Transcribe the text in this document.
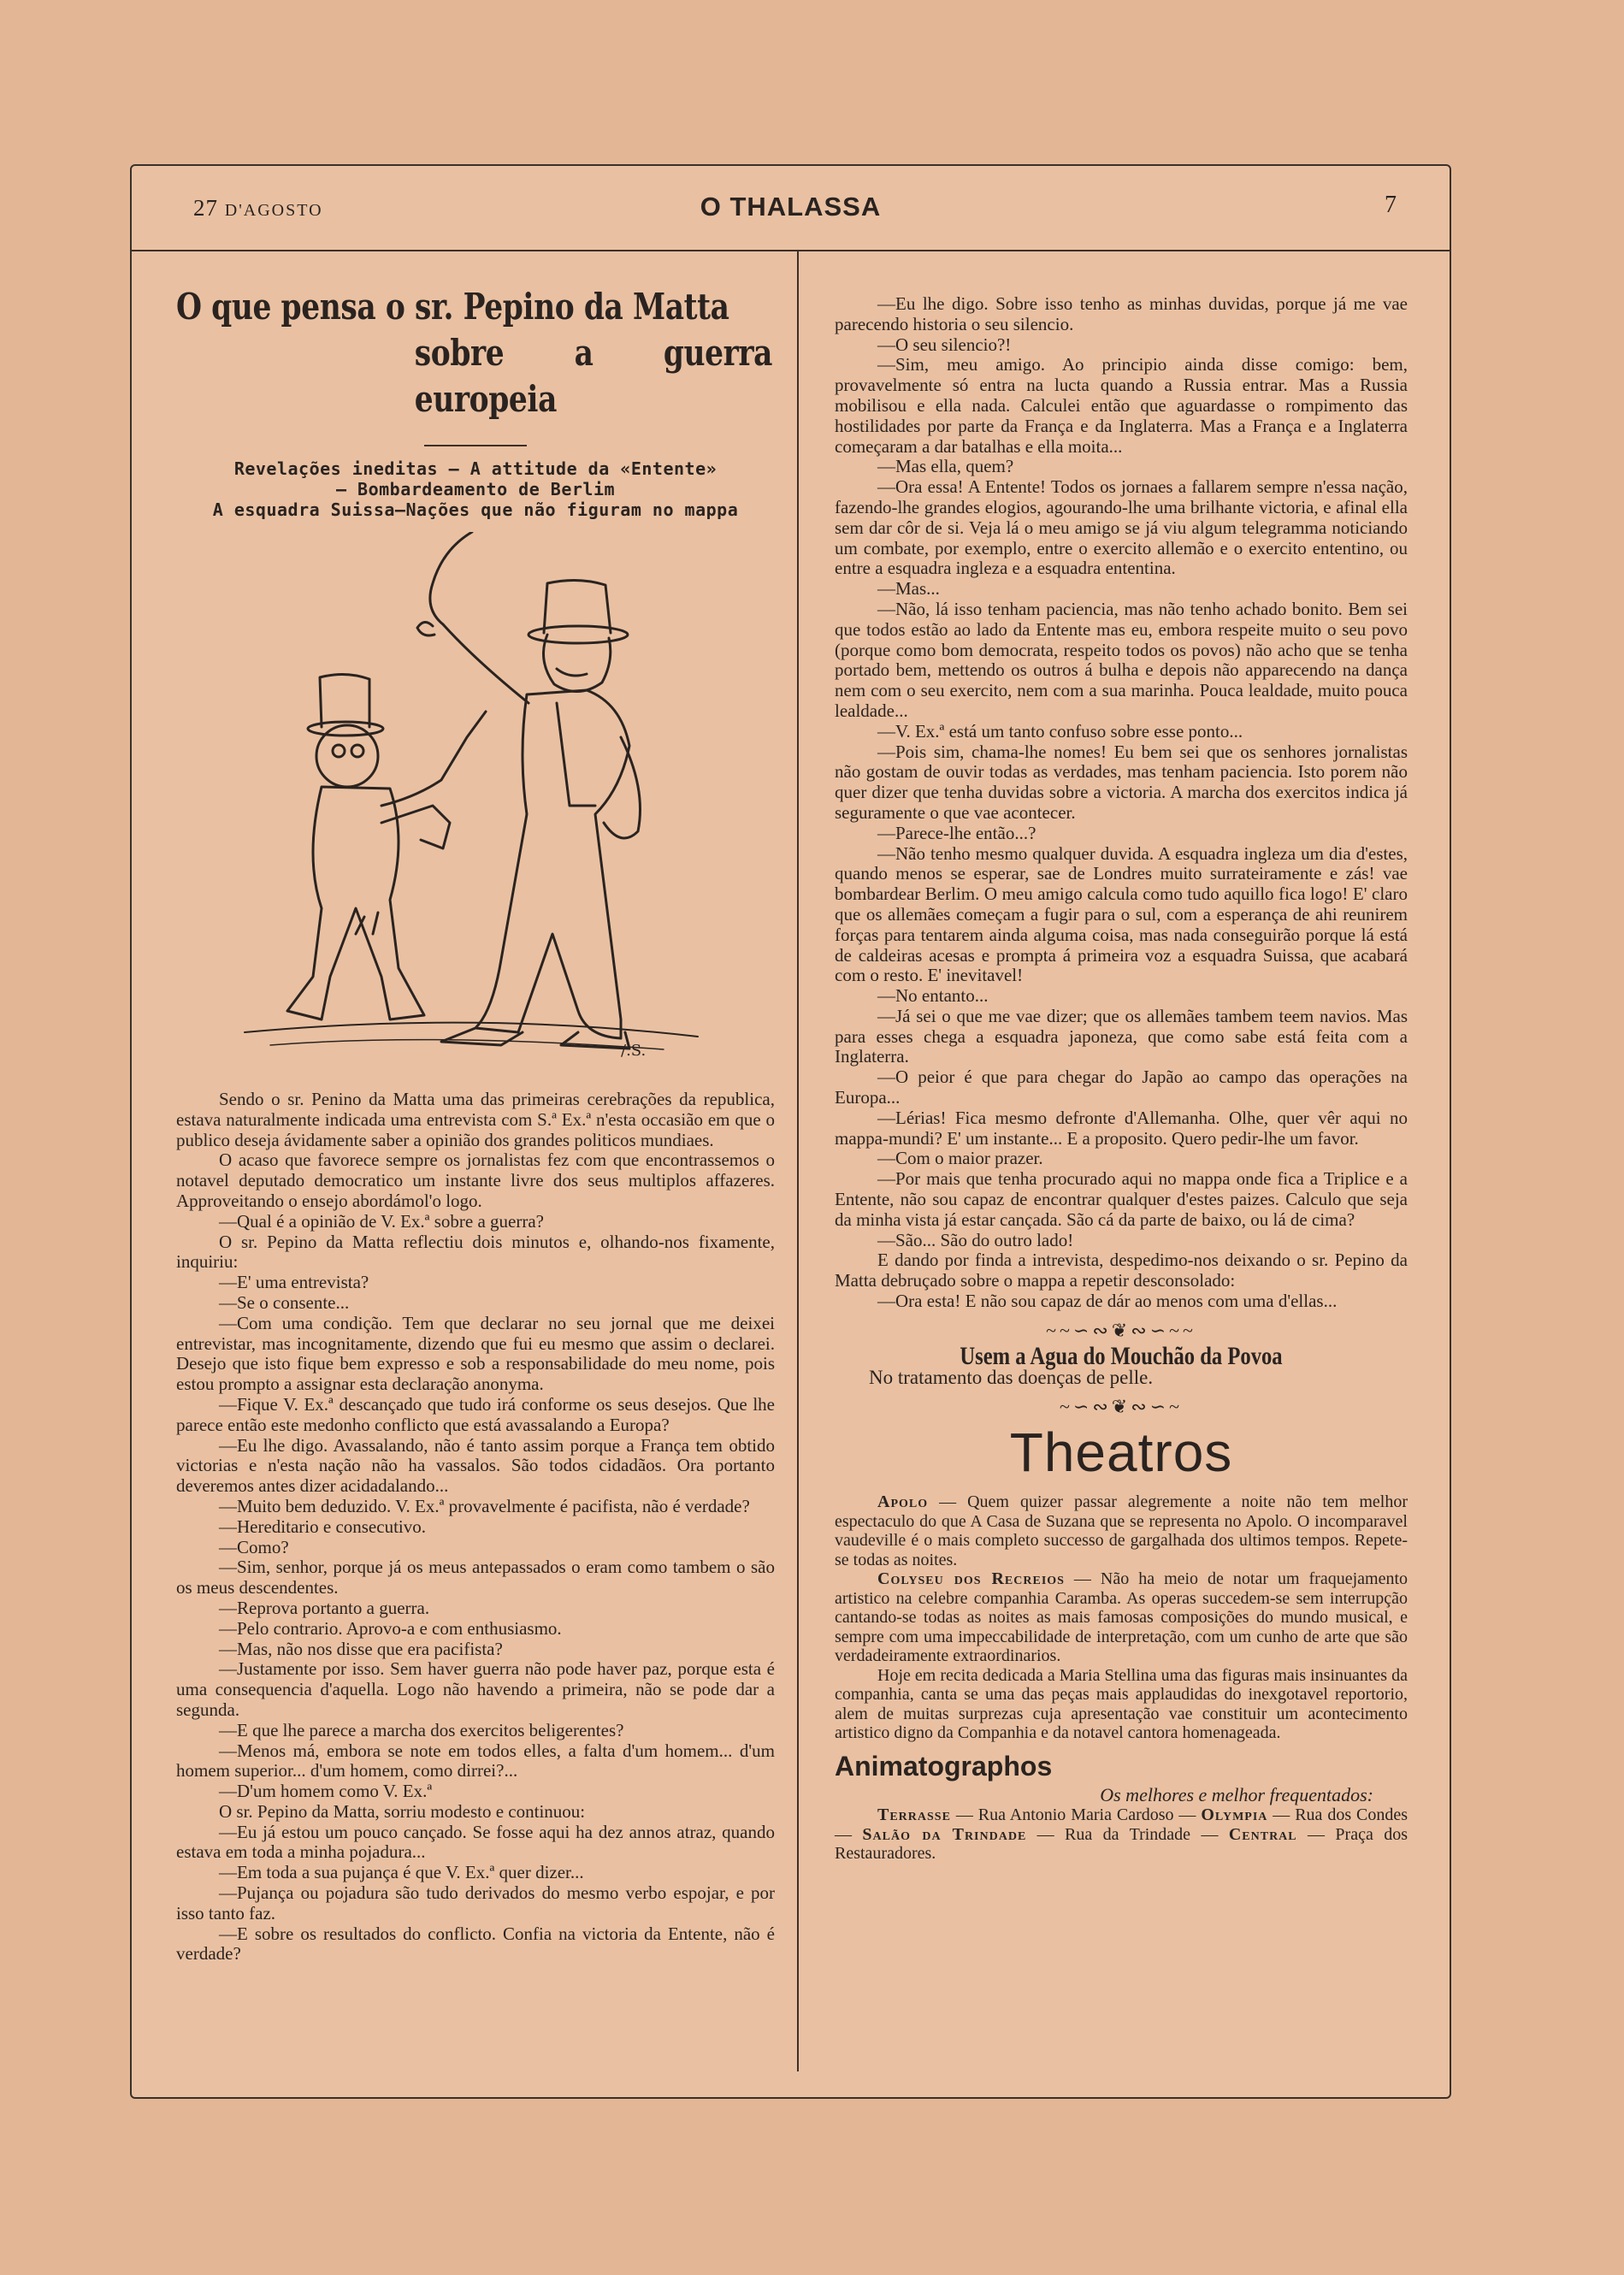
27 D'AGOSTO	O THALASSA	7
O que pensa o sr. Pepino da Matta
sobre a guerra europeia
Revelações ineditas — A attitude da «Entente»
— Bombardeamento de Berlim
A esquadra Suissa—Nações que não figuram no mappa
/.S.

Sendo o sr. Penino da Matta uma das primeiras cerebrações da republica, estava naturalmente indicada uma entrevista com S.ª Ex.ª n'esta occasião em que o publico deseja ávidamente saber a opinião dos grandes politicos mundiaes.

O acaso que favorece sempre os jornalistas fez com que encontrassemos o notavel deputado democratico um instante livre dos seus multiplos affazeres. Approveitando o ensejo abordámol'o logo.

—Qual é a opinião de V. Ex.ª sobre a guerra?

O sr. Pepino da Matta reflectiu dois minutos e, olhando-nos fixamente, inquiriu:

—E' uma entrevista?

—Se o consente...

—Com uma condição. Tem que declarar no seu jornal que me deixei entrevistar, mas incognitamente, dizendo que fui eu mesmo que assim o declarei. Desejo que isto fique bem expresso e sob a responsabilidade do meu nome, pois estou prompto a assignar esta declaração anonyma.

—Fique V. Ex.ª descançado que tudo irá conforme os seus desejos. Que lhe parece então este medonho conflicto que está avassalando a Europa?

—Eu lhe digo. Avassalando, não é tanto assim porque a França tem obtido victorias e n'esta nação não ha vassalos. São todos cidadãos. Ora portanto deveremos antes dizer acidadalando...

—Muito bem deduzido. V. Ex.ª provavelmente é pacifista, não é verdade?

—Hereditario e consecutivo.

—Como?

—Sim, senhor, porque já os meus antepassados o eram como tambem o são os meus descendentes.

—Reprova portanto a guerra.

—Pelo contrario. Aprovo-a e com enthusiasmo.

—Mas, não nos disse que era pacifista?

—Justamente por isso. Sem haver guerra não pode haver paz, porque esta é uma consequencia d'aquella. Logo não havendo a primeira, não se pode dar a segunda.

—E que lhe parece a marcha dos exercitos beligerentes?

—Menos má, embora se note em todos elles, a falta d'um homem... d'um homem superior... d'um homem, como dirrei?...

—D'um homem como V. Ex.ª

O sr. Pepino da Matta, sorriu modesto e continuou:

—Eu já estou um pouco cançado. Se fosse aqui ha dez annos atraz, quando estava em toda a minha pojadura...

—Em toda a sua pujança é que V. Ex.ª quer dizer...

—Pujança ou pojadura são tudo derivados do mesmo verbo espojar, e por isso tanto faz.

—E sobre os resultados do conflicto. Confia na victoria da Entente, não é verdade?

—Eu lhe digo. Sobre isso tenho as minhas duvidas, porque já me vae parecendo historia o seu silencio.

—O seu silencio?!

—Sim, meu amigo. Ao principio ainda disse comigo: bem, provavelmente só entra na lucta quando a Russia entrar. Mas a Russia mobilisou e ella nada. Calculei então que aguardasse o rompimento das hostilidades por parte da França e da Inglaterra. Mas a França e a Inglaterra começaram a dar batalhas e ella moita...

—Mas ella, quem?

—Ora essa! A Entente! Todos os jornaes a fallarem sempre n'essa nação, fazendo-lhe grandes elogios, agourando-lhe uma brilhante victoria, e afinal ella sem dar côr de si. Veja lá o meu amigo se já viu algum telegramma noticiando um combate, por exemplo, entre o exercito allemão e o exercito ententino, ou entre a esquadra ingleza e a esquadra ententina.

—Mas...

—Não, lá isso tenham paciencia, mas não tenho achado bonito. Bem sei que todos estão ao lado da Entente mas eu, embora respeite muito o seu povo (porque como bom democrata, respeito todos os povos) não acho que se tenha portado bem, mettendo os outros á bulha e depois não apparecendo na dança nem com o seu exercito, nem com a sua marinha. Pouca lealdade, muito pouca lealdade...

—V. Ex.ª está um tanto confuso sobre esse ponto...

—Pois sim, chama-lhe nomes! Eu bem sei que os senhores jornalistas não gostam de ouvir todas as verdades, mas tenham paciencia. Isto porem não quer dizer que tenha duvidas sobre a victoria. A marcha dos exercitos indica já seguramente o que vae acontecer.

—Parece-lhe então...?

—Não tenho mesmo qualquer duvida. A esquadra ingleza um dia d'estes, quando menos se esperar, sae de Londres muito surrateiramente e zás! vae bombardear Berlim. O meu amigo calcula como tudo aquillo fica logo! E' claro que os allemães começam a fugir para o sul, com a esperança de ahi reunirem forças para tentarem ainda alguma coisa, mas nada conseguirão porque lá está de caldeiras acesas e prompta á primeira voz a esquadra Suissa, que acabará com o resto. E' inevitavel!

—No entanto...

—Já sei o que me vae dizer; que os allemães tambem teem navios. Mas para esses chega a esquadra japoneza, que como sabe está feita com a Inglaterra.

—O peior é que para chegar do Japão ao campo das operações na Europa...

—Lérias! Fica mesmo defronte d'Allemanha. Olhe, quer vêr aqui no mappa-mundi? E' um instante... E a proposito. Quero pedir-lhe um favor.

—Com o maior prazer.

—Por mais que tenha procurado aqui no mappa onde fica a Triplice e a Entente, não sou capaz de encontrar qualquer d'estes paizes. Calculo que seja da minha vista já estar cançada. São cá da parte de baixo, ou lá de cima?

—São... São do outro lado!

E dando por finda a intrevista, despedimo-nos deixando o sr. Pepino da Matta debruçado sobre o mappa a repetir desconsolado:

—Ora esta! E não sou capaz de dár ao menos com uma d'ellas...

~~∽∾❦∾∽~~
Usem a Agua do Mouchão da Povoa
No tratamento das doenças de pelle.
~∽∾❦∾∽~
Theatros

Apolo — Quem quizer passar alegremente a noite não tem melhor espectaculo do que A Casa de Suzana que se representa no Apolo. O incomparavel vaudeville é o mais completo successo de gargalhada dos ultimos tempos. Repete-se todas as noites.

Colyseu dos Recreios — Não ha meio de notar um fraquejamento artistico na celebre companhia Caramba. As operas succedem-se sem interrupção cantando-se todas as noites as mais famosas composições do mundo musical, e sempre com uma impeccabilidade de interpretação, com um cunho de arte que são verdadeiramente extraordinarios.

Hoje em recita dedicada a Maria Stellina uma das figuras mais insinuantes da companhia, canta se uma das peças mais applaudidas do inexgotavel reportorio, alem de muitas surprezas cuja apresentação vae constituir um acontecimento artistico digno da Companhia e da notavel cantora homenageada.

Animatographos
Os melhores e melhor frequentados:

Terrasse — Rua Antonio Maria Cardoso — Olympia — Rua dos Condes — Salão da Trindade — Rua da Trindade — Central — Praça dos Restauradores.
